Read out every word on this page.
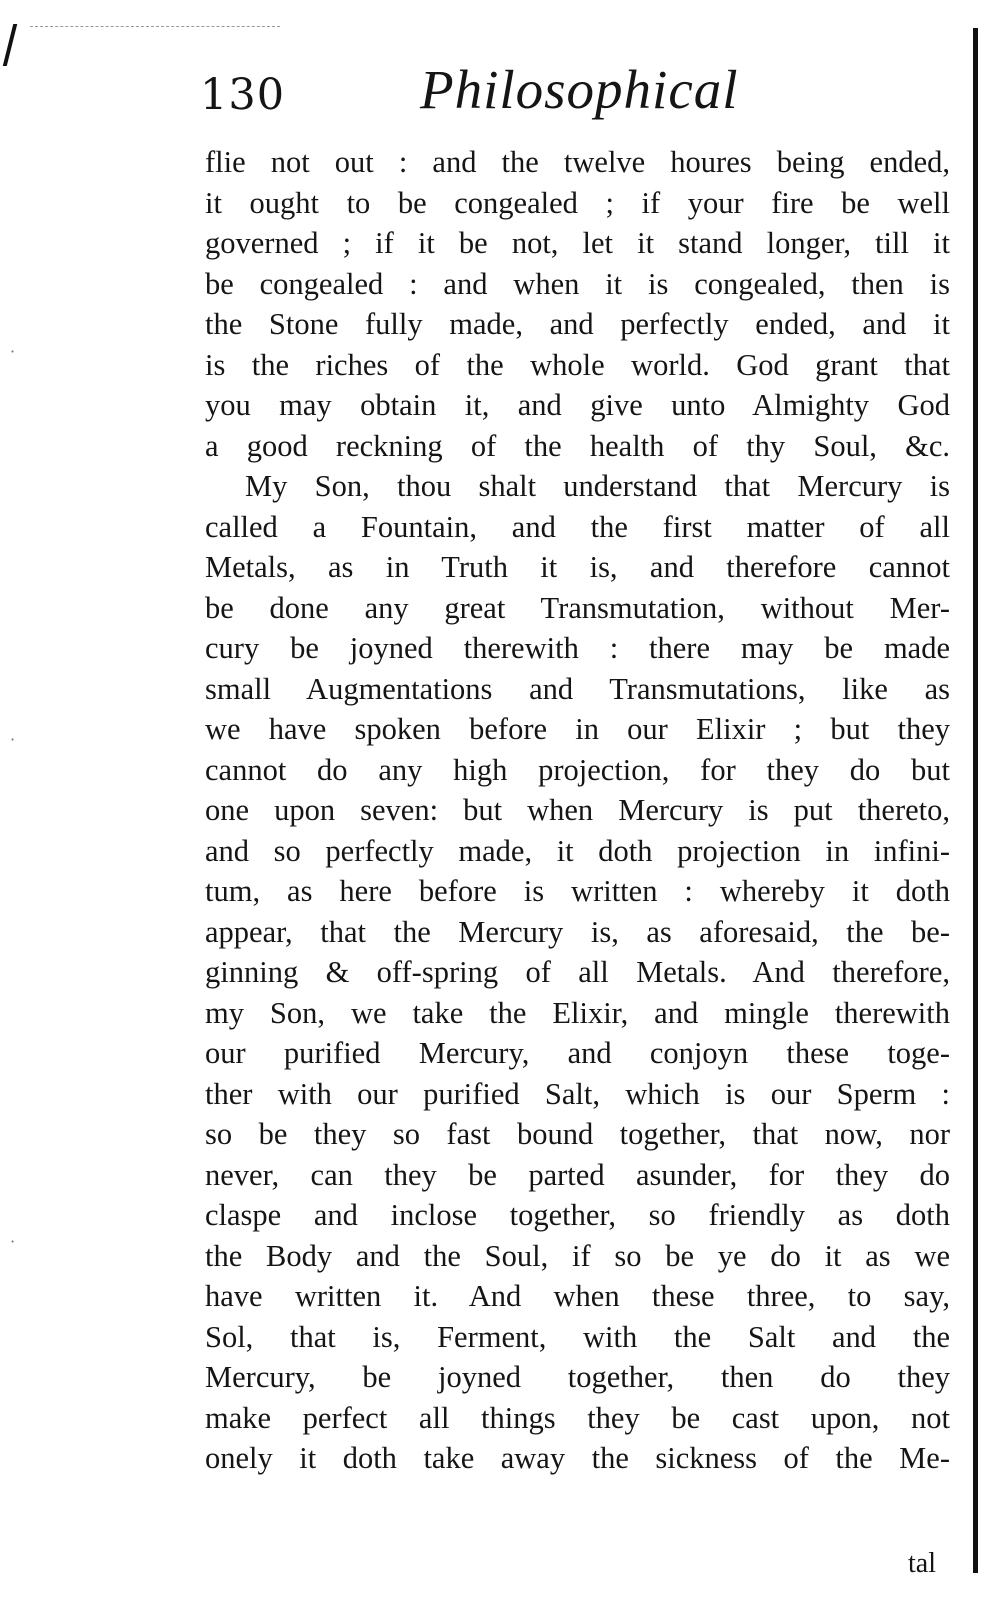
·
·
·
130 Philosophical
flie not out : and the twelve houres being ended,
it ought to be congealed ; if your fire be well
governed ; if it be not, let it stand longer, till it
be congealed : and when it is congealed, then is
the Stone fully made, and perfectly ended, and it
is the riches of the whole world. God grant that
you may obtain it, and give unto Almighty God
a good reckning of the health of thy Soul, &c.
My Son, thou shalt understand that Mercury is
called a Fountain, and the first matter of all
Metals, as in Truth it is, and therefore cannot
be done any great Transmutation, without Mer-
cury be joyned therewith : there may be made
small Augmentations and Transmutations, like as
we have spoken before in our Elixir ; but they
cannot do any high projection, for they do but
one upon seven: but when Mercury is put thereto,
and so perfectly made, it doth projection in infini-
tum, as here before is written : whereby it doth
appear, that the Mercury is, as aforesaid, the be-
ginning & off-spring of all Metals. And therefore,
my Son, we take the Elixir, and mingle therewith
our purified Mercury, and conjoyn these toge-
ther with our purified Salt, which is our Sperm :
so be they so fast bound together, that now, nor
never, can they be parted asunder, for they do
claspe and inclose together, so friendly as doth
the Body and the Soul, if so be ye do it as we
have written it. And when these three, to say,
Sol, that is, Ferment, with the Salt and the
Mercury, be joyned together, then do they
make perfect all things they be cast upon, not
onely it doth take away the sickness of the Me-
tal
